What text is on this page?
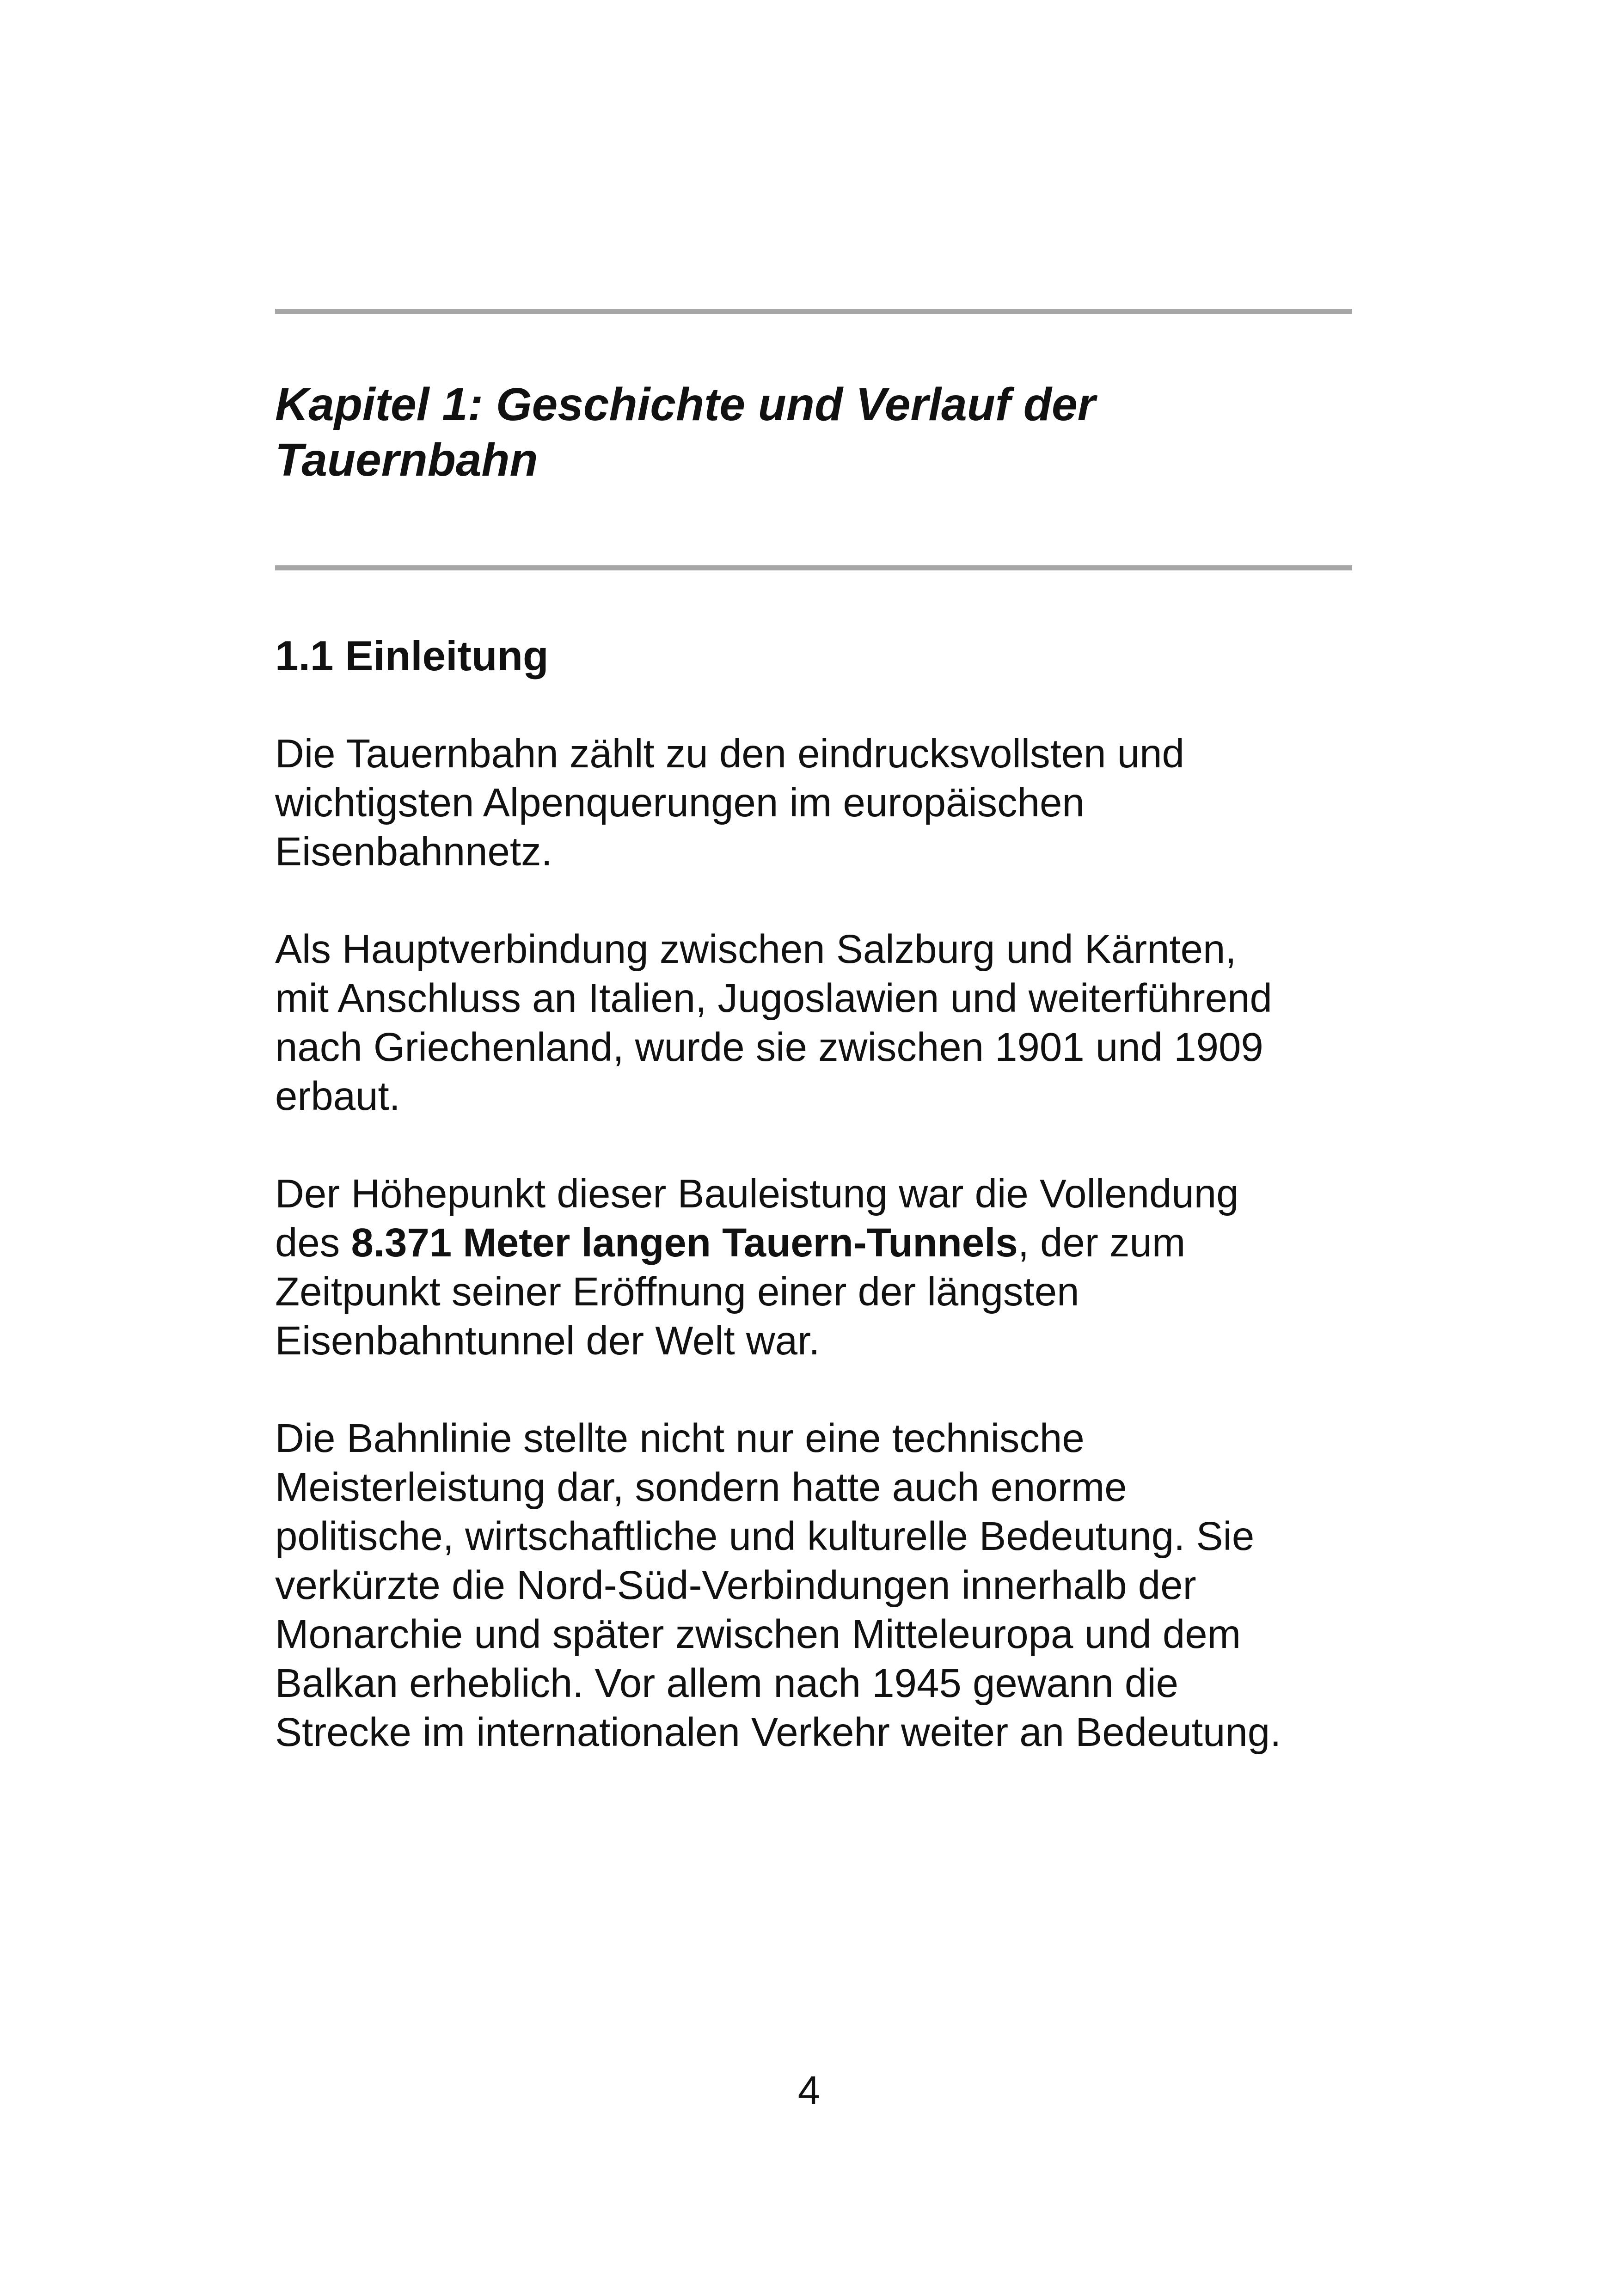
Kapitel 1: Geschichte und Verlauf der
Tauernbahn
1.1 Einleitung

Die Tauernbahn zählt zu den eindrucksvollsten und
wichtigsten Alpenquerungen im europäischen
Eisenbahnnetz.

Als Hauptverbindung zwischen Salzburg und Kärnten,
mit Anschluss an Italien, Jugoslawien und weiterführend
nach Griechenland, wurde sie zwischen 1901 und 1909
erbaut.

Der Höhepunkt dieser Bauleistung war die Vollendung
des 8.371 Meter langen Tauern-Tunnels, der zum
Zeitpunkt seiner Eröffnung einer der längsten
Eisenbahntunnel der Welt war.

Die Bahnlinie stellte nicht nur eine technische
Meisterleistung dar, sondern hatte auch enorme
politische, wirtschaftliche und kulturelle Bedeutung. Sie
verkürzte die Nord-Süd-Verbindungen innerhalb der
Monarchie und später zwischen Mitteleuropa und dem
Balkan erheblich. Vor allem nach 1945 gewann die
Strecke im internationalen Verkehr weiter an Bedeutung.

4
